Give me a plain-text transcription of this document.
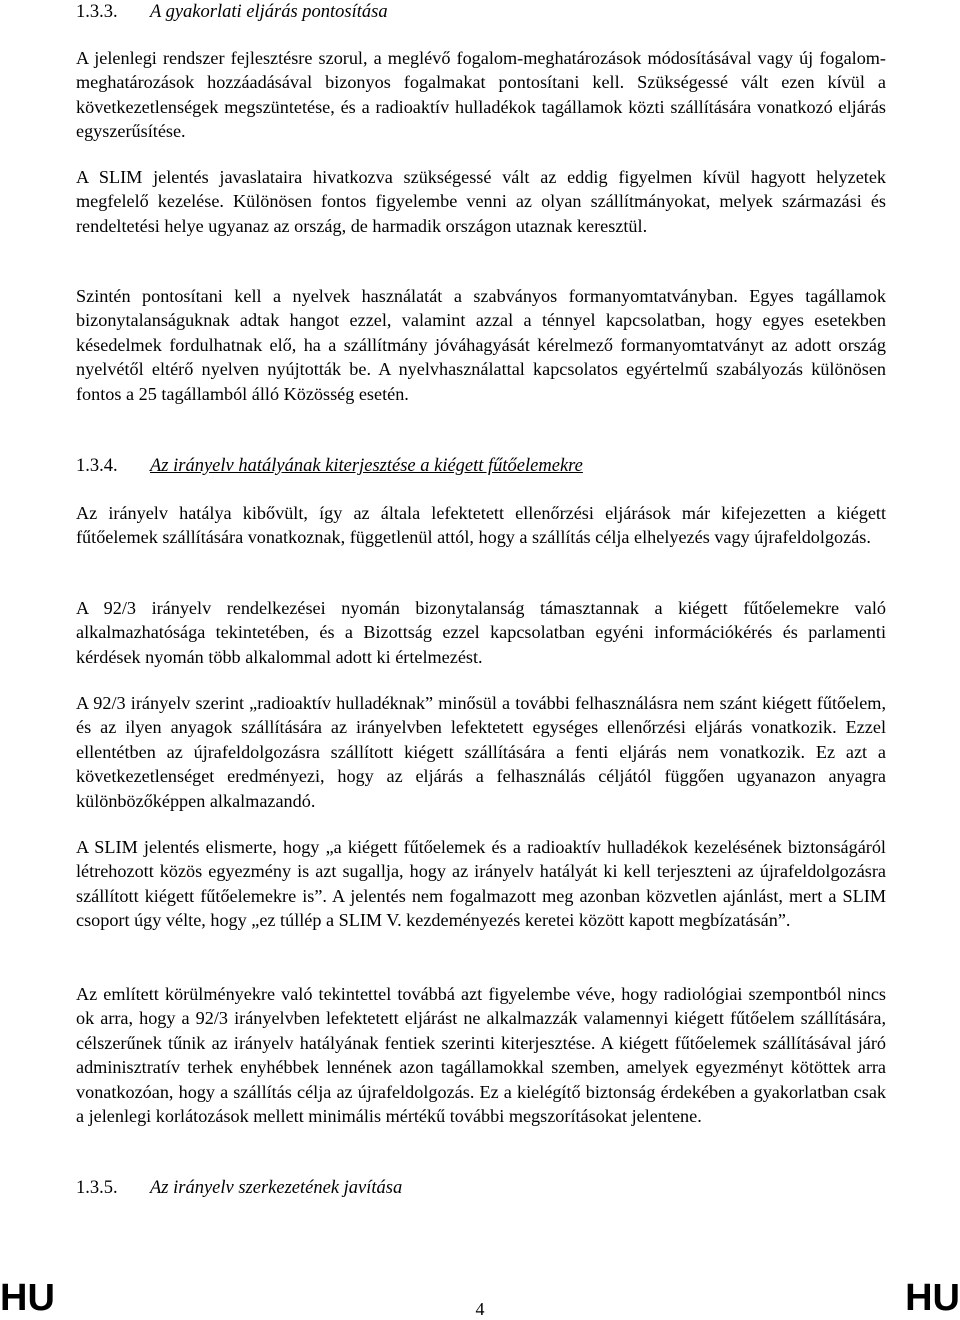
1.3.3. A gyakorlati eljárás pontosítása

A jelenlegi rendszer fejlesztésre szorul, a meglévő fogalom-meghatározások módosításával vagy új fogalom-meghatározások hozzáadásával bizonyos fogalmakat pontosítani kell. Szükségessé vált ezen kívül a következetlenségek megszüntetése, és a radioaktív hulladékok tagállamok közti szállítására vonatkozó eljárás egyszerűsítése.

A SLIM jelentés javaslataira hivatkozva szükségessé vált az eddig figyelmen kívül hagyott helyzetek megfelelő kezelése. Különösen fontos figyelembe venni az olyan szállítmányokat, melyek származási és rendeltetési helye ugyanaz az ország, de harmadik országon utaznak keresztül.

Szintén pontosítani kell a nyelvek használatát a szabványos formanyomtatványban. Egyes tagállamok bizonytalanságuknak adtak hangot ezzel, valamint azzal a ténnyel kapcsolatban, hogy egyes esetekben késedelmek fordulhatnak elő, ha a szállítmány jóváhagyását kérelmező formanyomtatványt az adott ország nyelvétől eltérő nyelven nyújtották be. A nyelvhasználattal kapcsolatos egyértelmű szabályozás különösen fontos a 25 tagállamból álló Közösség esetén.

1.3.4. Az irányelv hatályának kiterjesztése a kiégett fűtőelemekre

Az irányelv hatálya kibővült, így az általa lefektetett ellenőrzési eljárások már kifejezetten a kiégett fűtőelemek szállítására vonatkoznak, függetlenül attól, hogy a szállítás célja elhelyezés vagy újrafeldolgozás.

A 92/3 irányelv rendelkezései nyomán bizonytalanság támasztannak a kiégett fűtőelemekre való alkalmazhatósága tekintetében, és a Bizottság ezzel kapcsolatban egyéni információkérés és parlamenti kérdések nyomán több alkalommal adott ki értelmezést.

A 92/3 irányelv szerint „radioaktív hulladéknak” minősül a további felhasználásra nem szánt kiégett fűtőelem, és az ilyen anyagok szállítására az irányelvben lefektetett egységes ellenőrzési eljárás vonatkozik. Ezzel ellentétben az újrafeldolgozásra szállított kiégett szállítására a fenti eljárás nem vonatkozik. Ez azt a következetlenséget eredményezi, hogy az eljárás a felhasználás céljától függően ugyanazon anyagra különbözőképpen alkalmazandó.

A SLIM jelentés elismerte, hogy „a kiégett fűtőelemek és a radioaktív hulladékok kezelésének biztonságáról létrehozott közös egyezmény is azt sugallja, hogy az irányelv hatályát ki kell terjeszteni az újrafeldolgozásra szállított kiégett fűtőelemekre is”. A jelentés nem fogalmazott meg azonban közvetlen ajánlást, mert a SLIM csoport úgy vélte, hogy „ez túllép a SLIM V. kezdeményezés keretei között kapott megbízatásán”.

Az említett körülményekre való tekintettel továbbá azt figyelembe véve, hogy radiológiai szempontból nincs ok arra, hogy a 92/3 irányelvben lefektetett eljárást ne alkalmazzák valamennyi kiégett fűtőelem szállítására, célszerűnek tűnik az irányelv hatályának fentiek szerinti kiterjesztése. A kiégett fűtőelemek szállításával járó adminisztratív terhek enyhébbek lennének azon tagállamokkal szemben, amelyek egyezményt kötöttek arra vonatkozóan, hogy a szállítás célja az újrafeldolgozás. Ez a kielégítő biztonság érdekében a gyakorlatban csak a jelenlegi korlátozások mellett minimális mértékű további megszorításokat jelentene.

1.3.5. Az irányelv szerkezetének javítása
HU	4	HU
